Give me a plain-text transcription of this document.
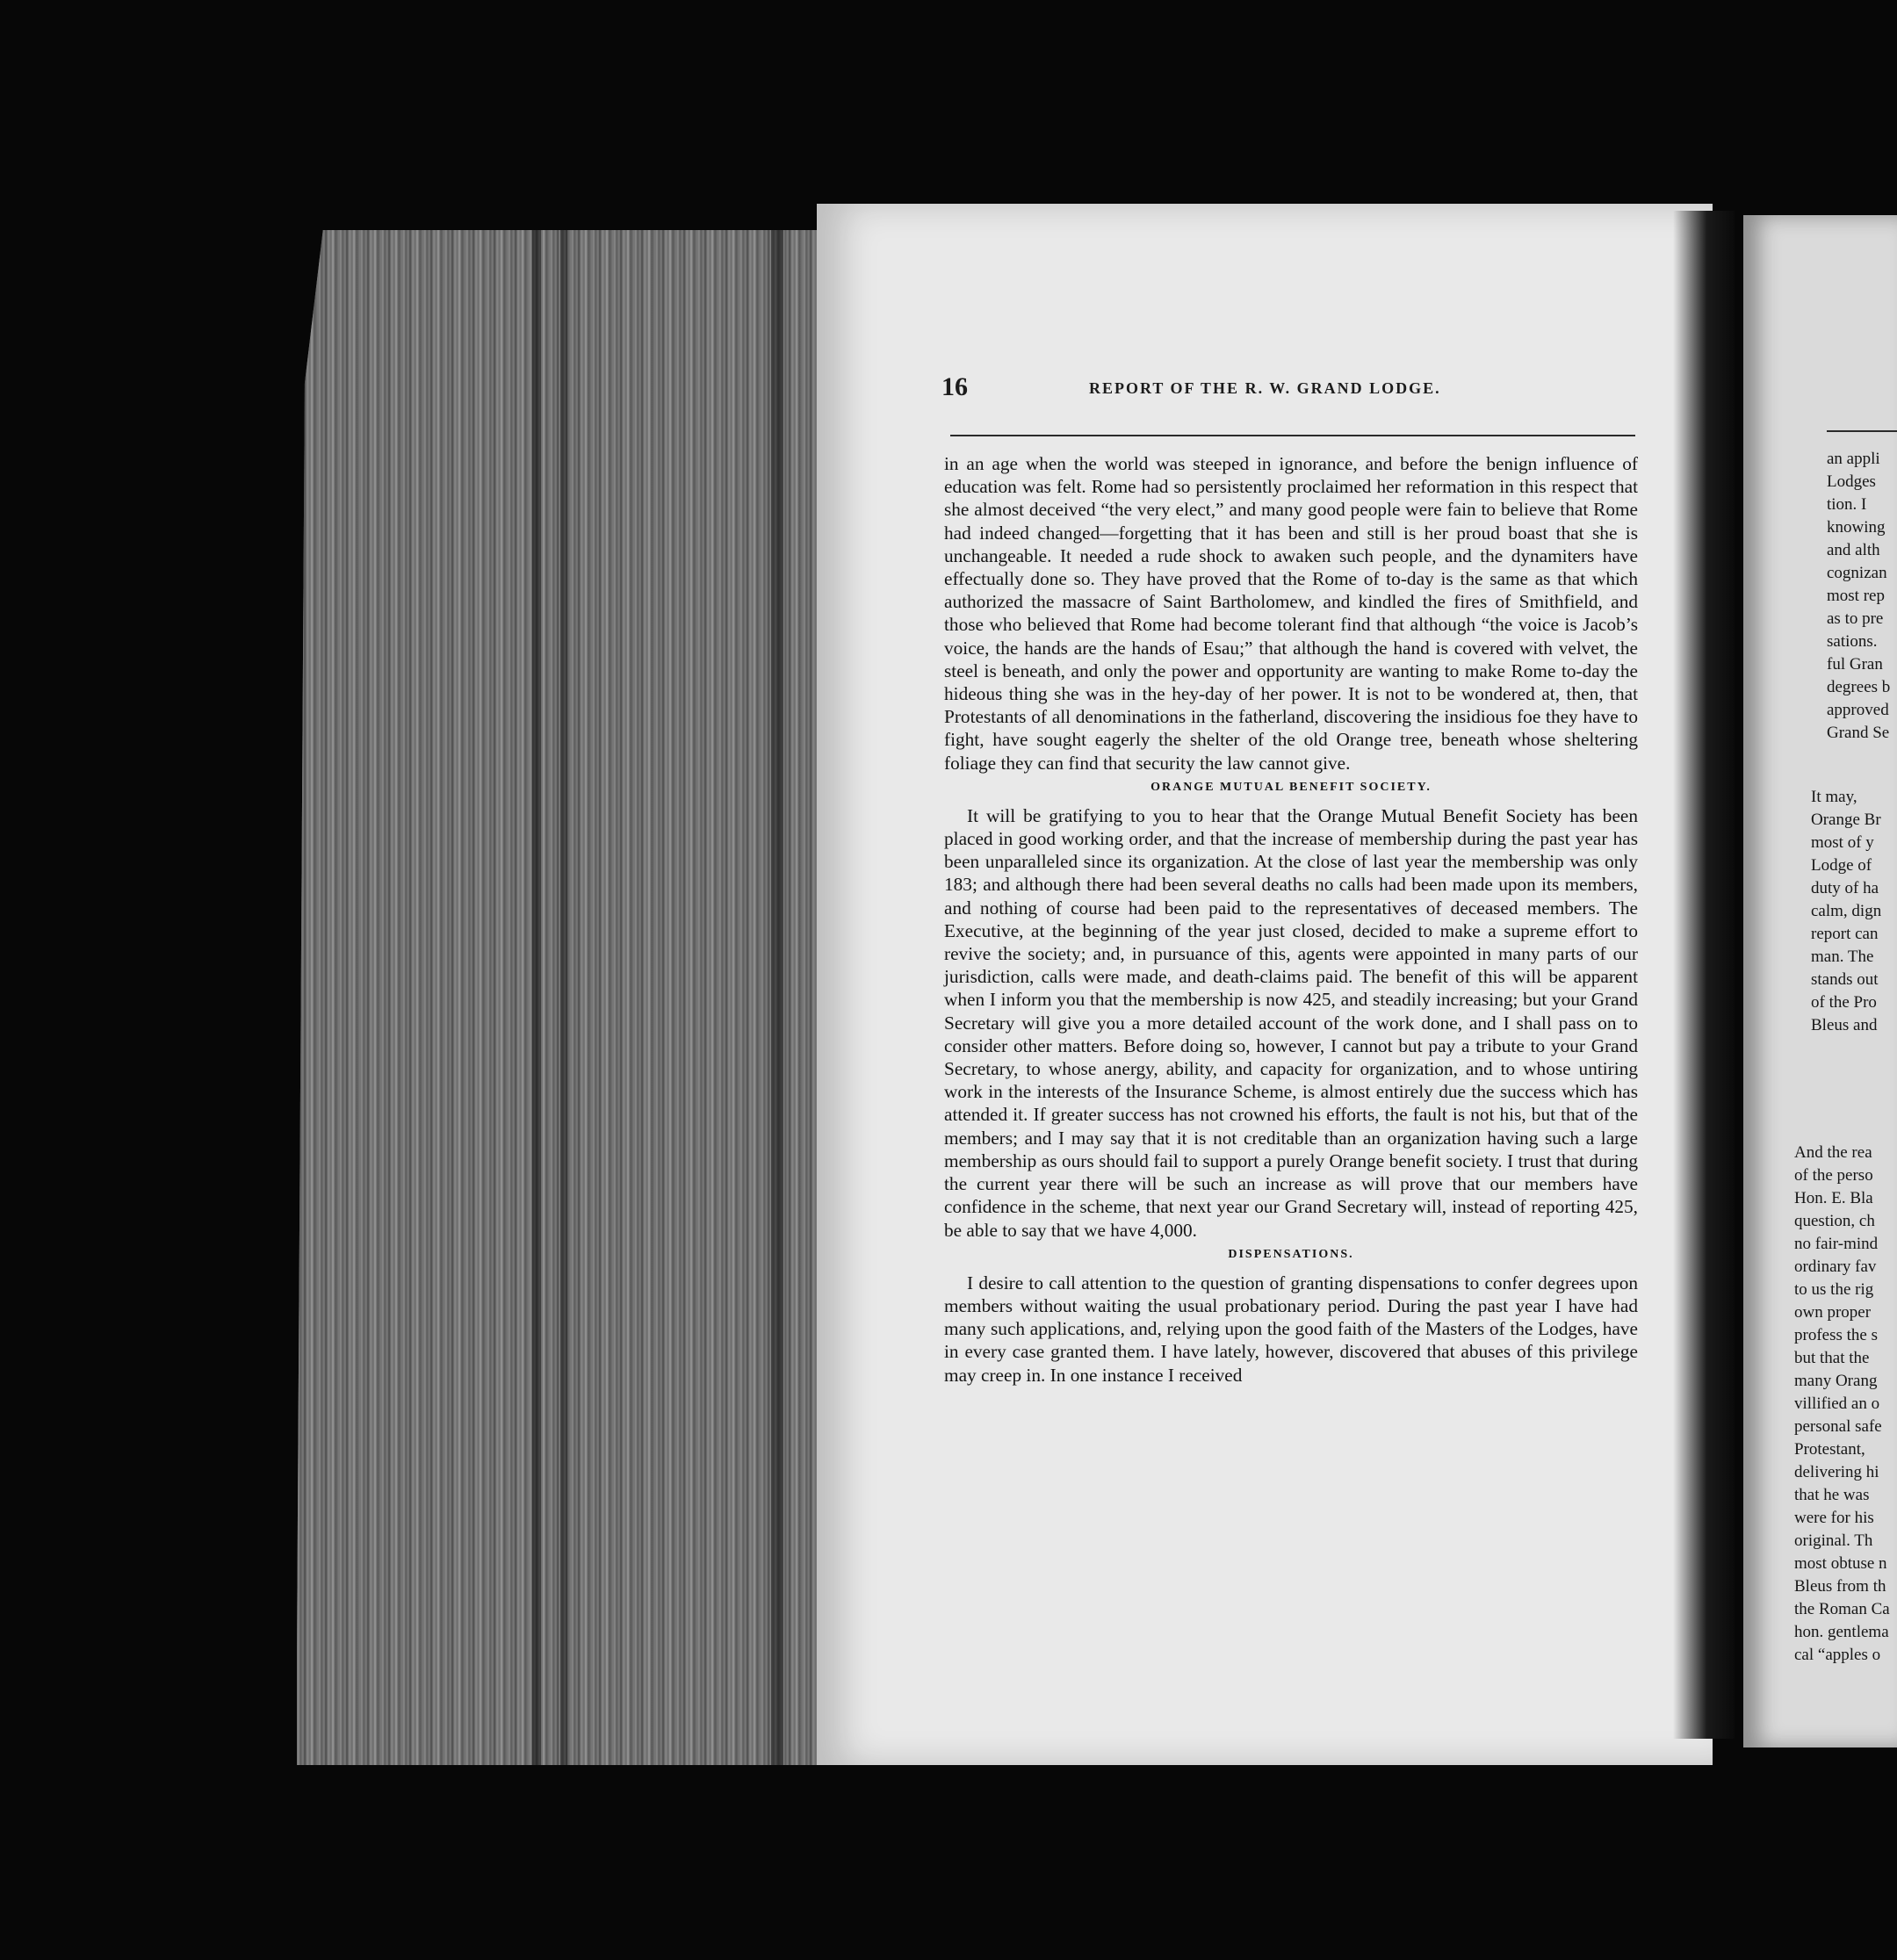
16	REPORT OF THE R. W. GRAND LODGE.

in an age when the world was steeped in ignorance, and before the benign influence of education was felt. Rome had so persistently proclaimed her reformation in this respect that she almost deceived “the very elect,” and many good people were fain to believe that Rome had indeed changed—forgetting that it has been and still is her proud boast that she is unchangeable. It needed a rude shock to awaken such people, and the dynamiters have effectually done so. They have proved that the Rome of to-day is the same as that which authorized the massacre of Saint Bartholomew, and kindled the fires of Smithfield, and those who believed that Rome had become tolerant find that although “the voice is Jacob’s voice, the hands are the hands of Esau;” that although the hand is covered with velvet, the steel is beneath, and only the power and opportunity are wanting to make Rome to-day the hideous thing she was in the hey-day of her power. It is not to be wondered at, then, that Protestants of all denominations in the fatherland, discovering the insidious foe they have to fight, have sought eagerly the shelter of the old Orange tree, beneath whose sheltering foliage they can find that security the law cannot give.

ORANGE MUTUAL BENEFIT SOCIETY.

It will be gratifying to you to hear that the Orange Mutual Benefit Society has been placed in good working order, and that the increase of membership during the past year has been unparalleled since its organization. At the close of last year the membership was only 183; and although there had been several deaths no calls had been made upon its members, and nothing of course had been paid to the representatives of deceased members. The Executive, at the beginning of the year just closed, decided to make a supreme effort to revive the society; and, in pursuance of this, agents were appointed in many parts of our jurisdiction, calls were made, and death-claims paid. The benefit of this will be apparent when I inform you that the membership is now 425, and steadily increasing; but your Grand Secretary will give you a more detailed account of the work done, and I shall pass on to consider other matters. Before doing so, however, I cannot but pay a tribute to your Grand Secretary, to whose anergy, ability, and capacity for organization, and to whose untiring work in the interests of the Insurance Scheme, is almost entirely due the success which has attended it. If greater success has not crowned his efforts, the fault is not his, but that of the members; and I may say that it is not creditable than an organization having such a large membership as ours should fail to support a purely Orange benefit society. I trust that during the current year there will be such an increase as will prove that our members have confidence in the scheme, that next year our Grand Secretary will, instead of reporting 425, be able to say that we have 4,000.

DISPENSATIONS.

I desire to call attention to the question of granting dispensations to confer degrees upon members without waiting the usual probationary period. During the past year I have had many such applications, and, relying upon the good faith of the Masters of the Lodges, have in every case granted them. I have lately, however, discovered that abuses of this privilege may creep in. In one instance I received

an appli
Lodges
tion. I
knowing
and alth
cognizan
most rep
as to pre
sations.
ful Gran
degrees b
approved
Grand Se
It may,
Orange Br
most of y
Lodge of
duty of ha
calm, dign
report can
man. The
stands out
of the Pro
Bleus and
And the rea
of the perso
Hon. E. Bla
question, ch
no fair-mind
ordinary fav
to us the rig
own proper
profess the s
but that the
many Orang
villified an o
personal safe
Protestant,
delivering hi
that he was
were for his
original. Th
most obtuse n
Bleus from th
the Roman Ca
hon. gentlema
cal “apples o
